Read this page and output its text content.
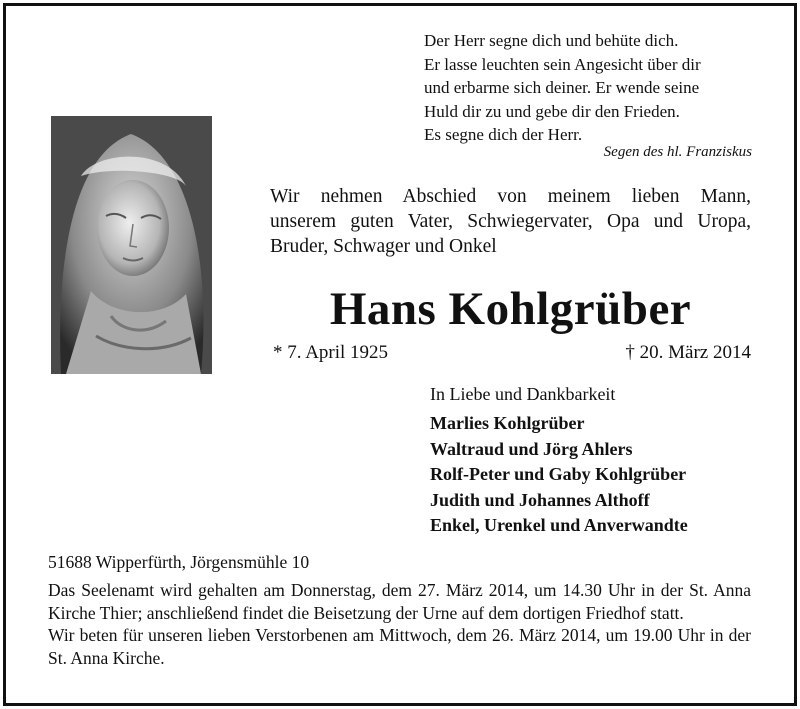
Der Herr segne dich und behüte dich.
Er lasse leuchten sein Angesicht über dir
und erbarme sich deiner. Er wende seine
Huld dir zu und gebe dir den Frieden.
Es segne dich der Herr.
Segen des hl. Franziskus
Wir nehmen Abschied von meinem lieben Mann,
unserem guten Vater, Schwiegervater, Opa und Uropa,
Bruder, Schwager und Onkel
Hans Kohlgrüber
* 7. April 1925	† 20. März 2014
In Liebe und Dankbarkeit
Marlies Kohlgrüber
Waltraud und Jörg Ahlers
Rolf-Peter und Gaby Kohlgrüber
Judith und Johannes Althoff
Enkel, Urenkel und Anverwandte
51688 Wipperfürth, Jörgensmühle 10
Das Seelenamt wird gehalten am Donnerstag, dem 27. März 2014, um 14.30 Uhr in der St. Anna Kirche Thier; anschließend findet die Beisetzung der Urne auf dem dortigen Friedhof statt.
Wir beten für unseren lieben Verstorbenen am Mittwoch, dem 26. März 2014, um 19.00 Uhr in der St. Anna Kirche.
